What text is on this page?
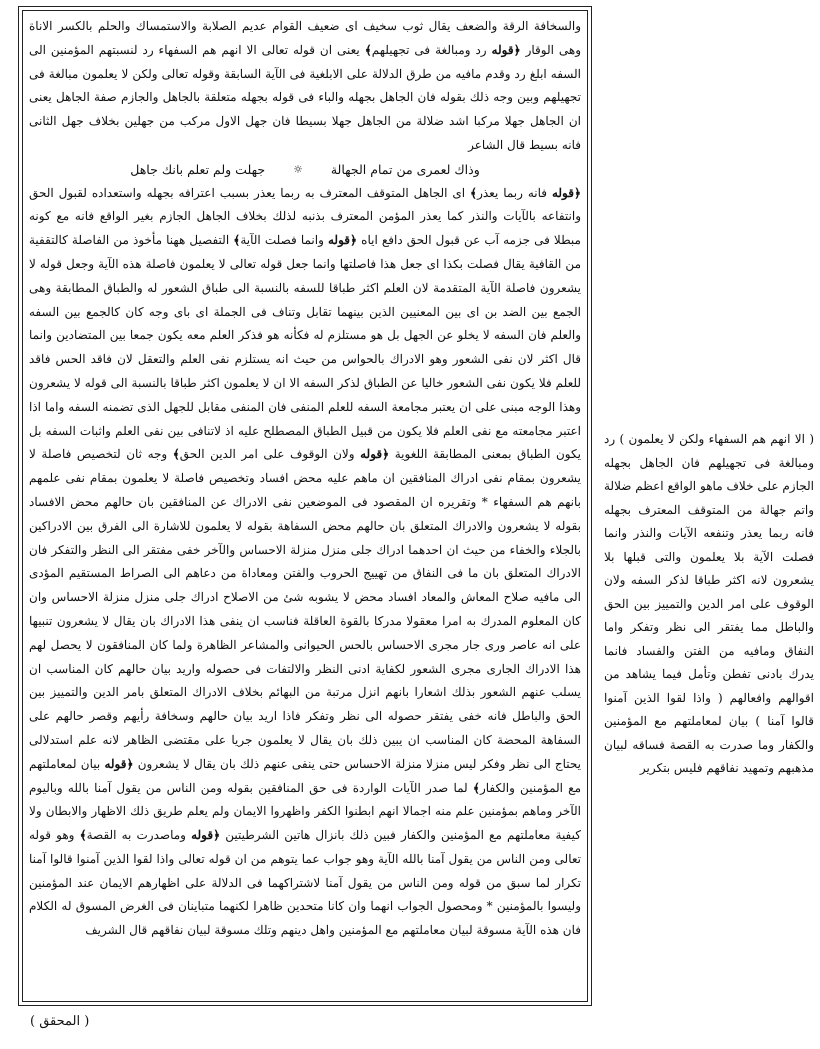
والسخافة الرقة والضعف يقال ثوب سخيف اى ضعيف القوام عديم الصلابة والاستمساك والحلم بالكسر الاناة وهى الوقار ﴿قوله رد ومبالغة فى تجهيلهم﴾ يعنى ان قوله تعالى الا انهم هم السفهاء رد لنسبتهم المؤمنين الى السفه ابلغ رد وقدم مافيه من طرق الدلالة على الابلغية فى الآية السابقة وقوله تعالى ولكن لا يعلمون مبالغة فى تجهيلهم وبين وجه ذلك بقوله فان الجاهل بجهله والباء فى قوله بجهله متعلقة بالجاهل والجازم صفة الجاهل يعنى ان الجاهل جهلا مركبا اشد ضلالة من الجاهل جهلا بسيطا فان جهل الاول مركب من جهلين بخلاف جهل الثانى فانه بسيط قال الشاعر

وذاك لعمرى من تمام الجهالة
☼
جهلت ولم تعلم بانك جاهل

﴿قوله فانه ربما يعذر﴾ اى الجاهل المتوقف المعترف به ربما يعذر بسبب اعترافه بجهله واستعداده لقبول الحق وانتفاعه بالآيات والنذر كما يعذر المؤمن المعترف بذنبه لذلك بخلاف الجاهل الجازم بغير الواقع فانه مع كونه مبطلا فى جزمه آب عن قبول الحق دافع اياه ﴿قوله وانما فصلت الآية﴾ التفصيل ههنا مأخوذ من الفاصلة كالتقفية من القافية يقال فصلت بكذا اى جعل هذا فاصلتها وانما جعل قوله تعالى لا يعلمون فاصلة هذه الآية وجعل قوله لا يشعرون فاصلة الآية المتقدمة لان العلم اكثر طباقا للسفه بالنسبة الى طباق الشعور له والطباق المطابقة وهى الجمع بين الضد بن اى بين المعنيين الذين بينهما تقابل وتناف فى الجملة اى باى وجه كان كالجمع بين السفه والعلم فان السفه لا يخلو عن الجهل بل هو مستلزم له فكأنه هو فذكر العلم معه يكون جمعا بين المتضادين وانما قال اكثر لان نفى الشعور وهو الادراك بالحواس من حيث انه يستلزم نفى العلم والتعقل لان فاقد الحس فاقد للعلم فلا يكون نفى الشعور خاليا عن الطباق لذكر السفه الا ان لا يعلمون اكثر طباقا بالنسبة الى قوله لا يشعرون وهذا الوجه مبنى على ان يعتبر مجامعة السفه للعلم المنفى فان المنفى مقابل للجهل الذى تضمنه السفه واما اذا اعتبر مجامعته مع نفى العلم فلا يكون من قبيل الطباق المصطلح عليه اذ لاتنافى بين نفى العلم واثبات السفه بل يكون الطباق بمعنى المطابقة اللغوية ﴿قوله ولان الوقوف على امر الدين الحق﴾ وجه ثان لتخصيص فاصلة لا يشعرون بمقام نفى ادراك المنافقين ان ماهم عليه محض افساد وتخصيص فاصلة لا يعلمون بمقام نفى علمهم بانهم هم السفهاء * وتقريره ان المقصود فى الموضعين نفى الادراك عن المنافقين بان حالهم محض الافساد بقوله لا يشعرون والادراك المتعلق بان حالهم محض السفاهة بقوله لا يعلمون للاشارة الى الفرق بين الادراكين بالجلاء والخفاء من حيث ان احدهما ادراك جلى منزل منزلة الاحساس والآخر خفى مفتقر الى النظر والتفكر فان الادراك المتعلق بان ما فى النفاق من تهييج الحروب والفتن ومعاداة من دعاهم الى الصراط المستقيم المؤدى الى مافيه صلاح المعاش والمعاد افساد محض لا يشوبه شئ من الاصلاح ادراك جلى منزل منزلة الاحساس وان كان المعلوم المدرك به امرا معقولا مدركا بالقوة العاقلة فناسب ان ينفى هذا الادراك بان يقال لا يشعرون تنبيها على انه عاصر ورى جار مجرى الاحساس بالحس الحيوانى والمشاعر الظاهرة ولما كان المنافقون لا يحصل لهم هذا الادراك الجارى مجرى الشعور لكفاية ادنى النظر والالتفات فى حصوله واريد بيان حالهم كان المناسب ان يسلب عنهم الشعور بذلك اشعارا بانهم انزل مرتبة من البهائم بخلاف الادراك المتعلق بامر الدين والتمييز بين الحق والباطل فانه خفى يفتقر حصوله الى نظر وتفكر فاذا اريد بيان حالهم وسخافة رأيهم وقصر حالهم على السفاهة المحضة كان المناسب ان يبين ذلك بان يقال لا يعلمون جريا على مقتضى الظاهر لانه علم استدلالى يحتاج الى نظر وفكر ليس منزلا منزلة الاحساس حتى ينفى عنهم ذلك بان يقال لا يشعرون ﴿قوله بيان لمعاملتهم مع المؤمنين والكفار﴾ لما صدر الآيات الواردة فى حق المنافقين بقوله ومن الناس من يقول آمنا بالله وباليوم الآخر وماهم بمؤمنين علم منه اجمالا انهم ابطنوا الكفر واظهروا الايمان ولم يعلم طريق ذلك الاظهار والابطان ولا كيفية معاملتهم مع المؤمنين والكفار فبين ذلك بانزال هاتين الشرطيتين ﴿قوله وماصدرت به القصة﴾ وهو قوله تعالى ومن الناس من يقول آمنا بالله الآية وهو جواب عما يتوهم من ان قوله تعالى واذا لقوا الذين آمنوا قالوا آمنا تكرار لما سبق من قوله ومن الناس من يقول آمنا لاشتراكهما فى الدلالة على اظهارهم الايمان عند المؤمنين وليسوا بالمؤمنين * ومحصول الجواب انهما وان كانا متحدين ظاهرا لكنهما متباينان فى الغرض المسوق له الكلام فان هذه الآية مسوقة لبيان معاملتهم مع المؤمنين واهل دينهم وتلك مسوقة لبيان نفاقهم قال الشريف

( الا انهم هم السفهاء ولكن لا يعلمون ) رد ومبالغة فى تجهيلهم فان الجاهل بجهله الجازم على خلاف ماهو الواقع اعظم ضلالة واتم جهالة من المتوقف المعترف بجهله فانه ربما يعذر وتنفعه الآيات والنذر وانما فصلت الآية بلا يعلمون والتى قبلها بلا يشعرون لانه اكثر طباقا لذكر السفه ولان الوقوف على امر الدين والتمييز بين الحق والباطل مما يفتقر الى نظر وتفكر واما النفاق ومافيه من الفتن والفساد فانما يدرك بادنى تفطن وتأمل فيما يشاهد من اقوالهم وافعالهم ( واذا لقوا الذين آمنوا قالوا آمنا ) بيان لمعاملتهم مع المؤمنين والكفار وما صدرت به القصة فساقه لبيان مذهبهم وتمهيد نفاقهم فليس بتكرير

( المحقق )
